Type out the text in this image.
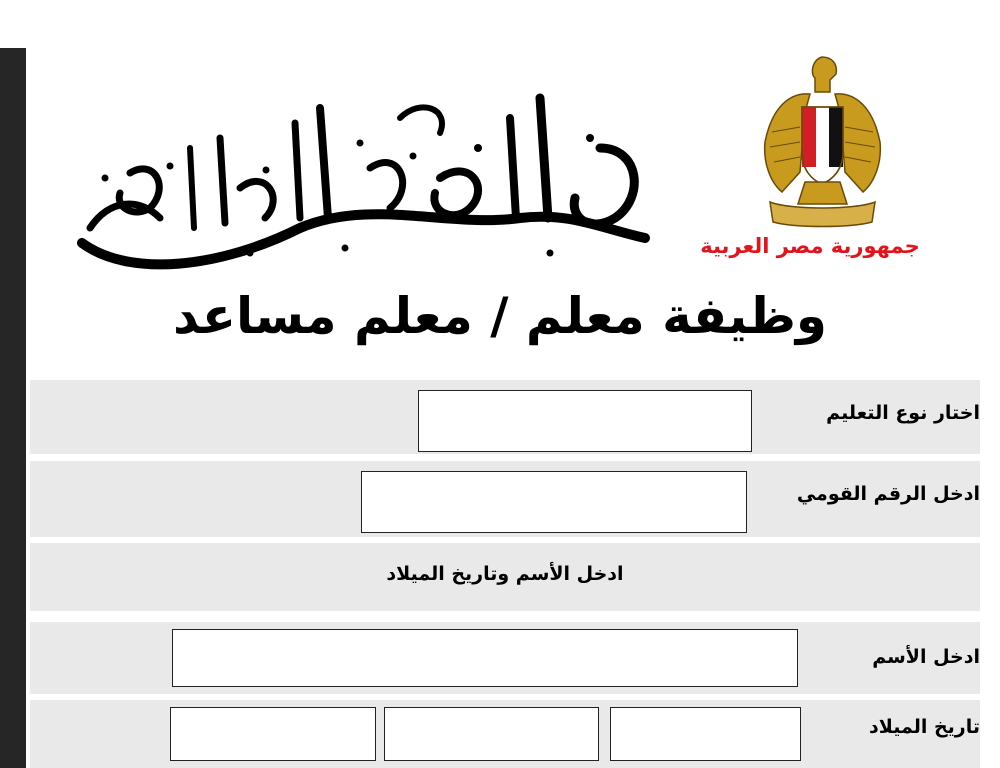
جمهورية مصر العربية
وظيفة معلم / معلم مساعد
اختار نوع التعليم
ادخل الرقم القومي
ادخل الأسم وتاريخ الميلاد
ادخل الأسم
تاريخ الميلاد
